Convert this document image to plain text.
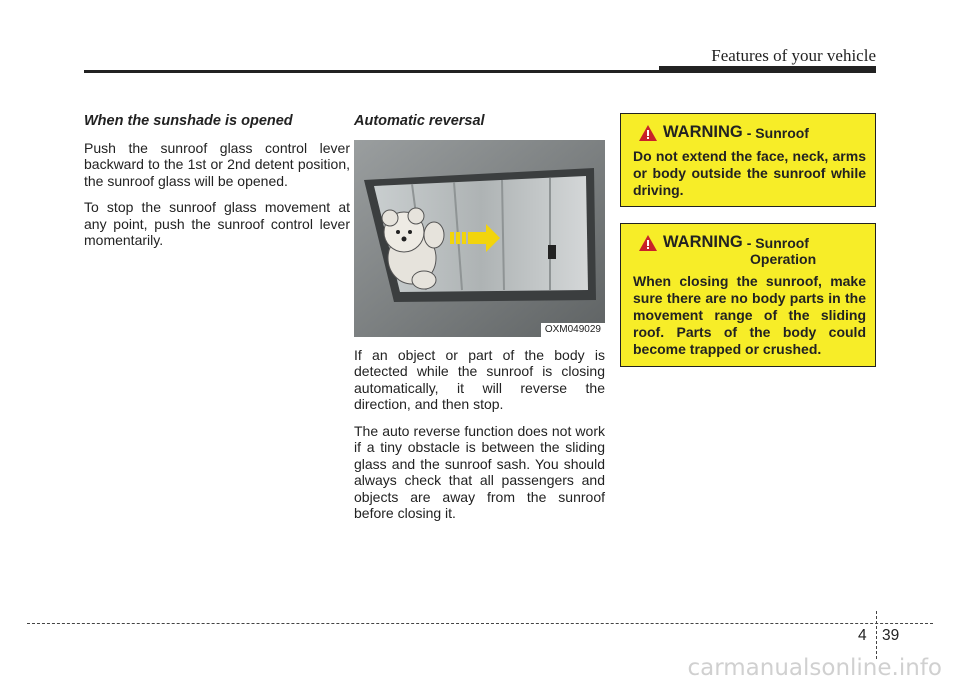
Features of your vehicle
When the sunshade is opened

Push the sunroof glass control lever backward to the 1st or 2nd detent position, the sunroof glass will be opened.

To stop the sunroof glass movement at any point, push the sunroof control lever momentarily.

Automatic reversal
OXM049029

If an object or part of the body is detected while the sunroof is closing automatically, it will reverse the direction, and then stop.

The auto reverse function does not work if a tiny obstacle is between the sliding glass and the sunroof sash. You should always check that all passengers and objects are away from the sunroof before closing it.

WARNING - Sunroof
Do not extend the face, neck, arms or body outside the sunroof while driving.
WARNING - Sunroof
Operation
When closing the sunroof, make sure there are no body parts in the movement range of the sliding roof. Parts of the body could become trapped or crushed.
4 39
carmanualsonline.info
